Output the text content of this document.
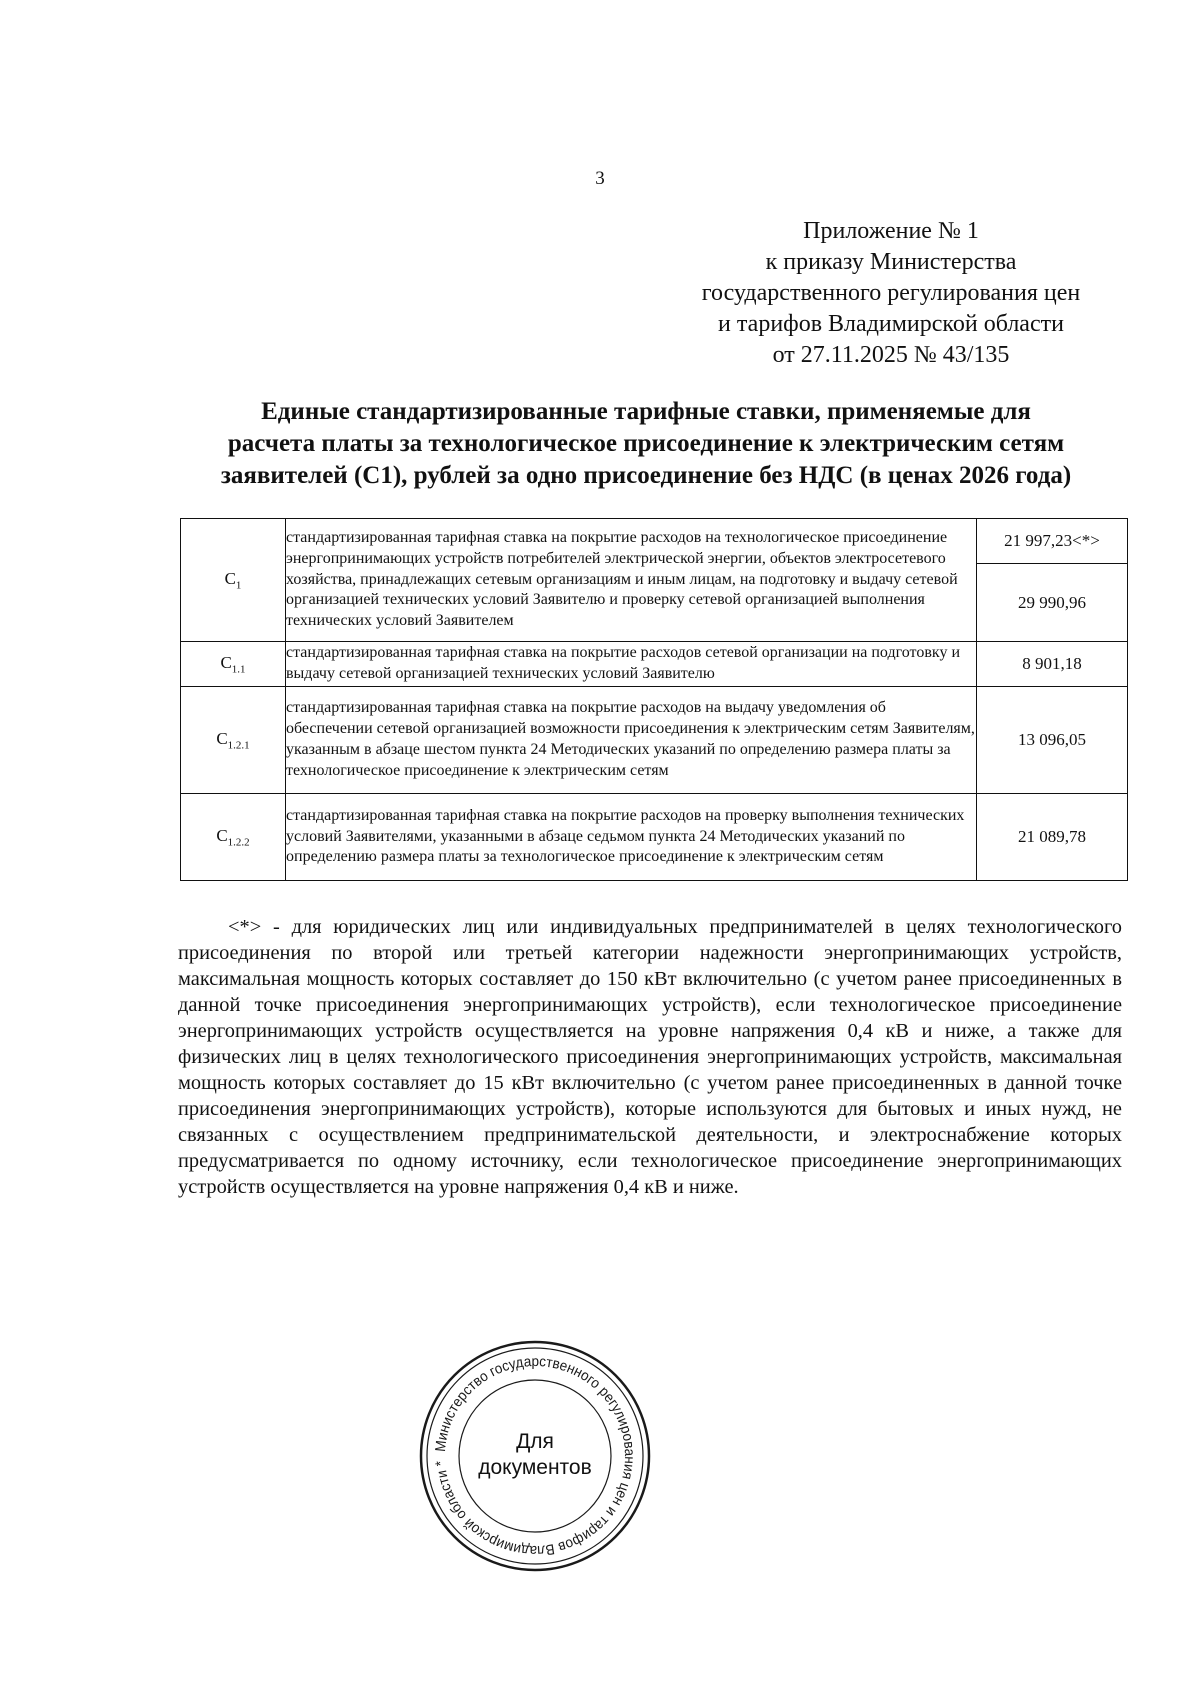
3
Приложение № 1
к приказу Министерства
государственного регулирования цен
и тарифов Владимирской области
от 27.11.2025 № 43/135
Единые стандартизированные тарифные ставки, применяемые для
расчета платы за технологическое присоединение к электрическим сетям
заявителей (С1), рублей за одно присоединение без НДС (в ценах 2026 года)
$С_1$	стандартизированная тарифная ставка на покрытие расходов на технологическое присоединение энергопринимающих устройств потребителей электрической энергии, объектов электросетевого хозяйства, принадлежащих сетевым организациям и иным лицам, на подготовку и выдачу сетевой организацией технических условий Заявителю и проверку сетевой организацией выполнения технических условий Заявителем	21 997,23<*>
		29 990,96
$С_{1.1}$	стандартизированная тарифная ставка на покрытие расходов сетевой организации на подготовку и выдачу сетевой организацией технических условий Заявителю	8 901,18
$С_{1.2.1}$	стандартизированная тарифная ставка на покрытие расходов на выдачу уведомления об обеспечении сетевой организацией возможности присоединения к электрическим сетям Заявителям, указанным в абзаце шестом пункта 24 Методических указаний по определению размера платы за технологическое присоединение к электрическим сетям	13 096,05
$С_{1.2.2}$	стандартизированная тарифная ставка на покрытие расходов на проверку выполнения технических условий Заявителями, указанными в абзаце седьмом пункта 24 Методических указаний по определению размера платы за технологическое присоединение к электрическим сетям	21 089,78
<*> - для юридических лиц или индивидуальных предпринимателей в целях технологического присоединения по второй или третьей категории надежности энергопринимающих устройств, максимальная мощность которых составляет до 150 кВт включительно (с учетом ранее присоединенных в данной точке присоединения энергопринимающих устройств), если технологическое присоединение энергопринимающих устройств осуществляется на уровне напряжения 0,4 кВ и ниже, а также для физических лиц в целях технологического присоединения энергопринимающих устройств, максимальная мощность которых составляет до 15 кВт включительно (с учетом ранее присоединенных в данной точке присоединения энергопринимающих устройств), которые используются для бытовых и иных нужд, не связанных с осуществлением предпринимательской деятельности, и электроснабжение которых предусматривается по одному источнику, если технологическое присоединение энергопринимающих устройств осуществляется на уровне напряжения 0,4 кВ и ниже.
Министерство государственного регулирования цен и тарифов Владимирской области *
Для
документов
